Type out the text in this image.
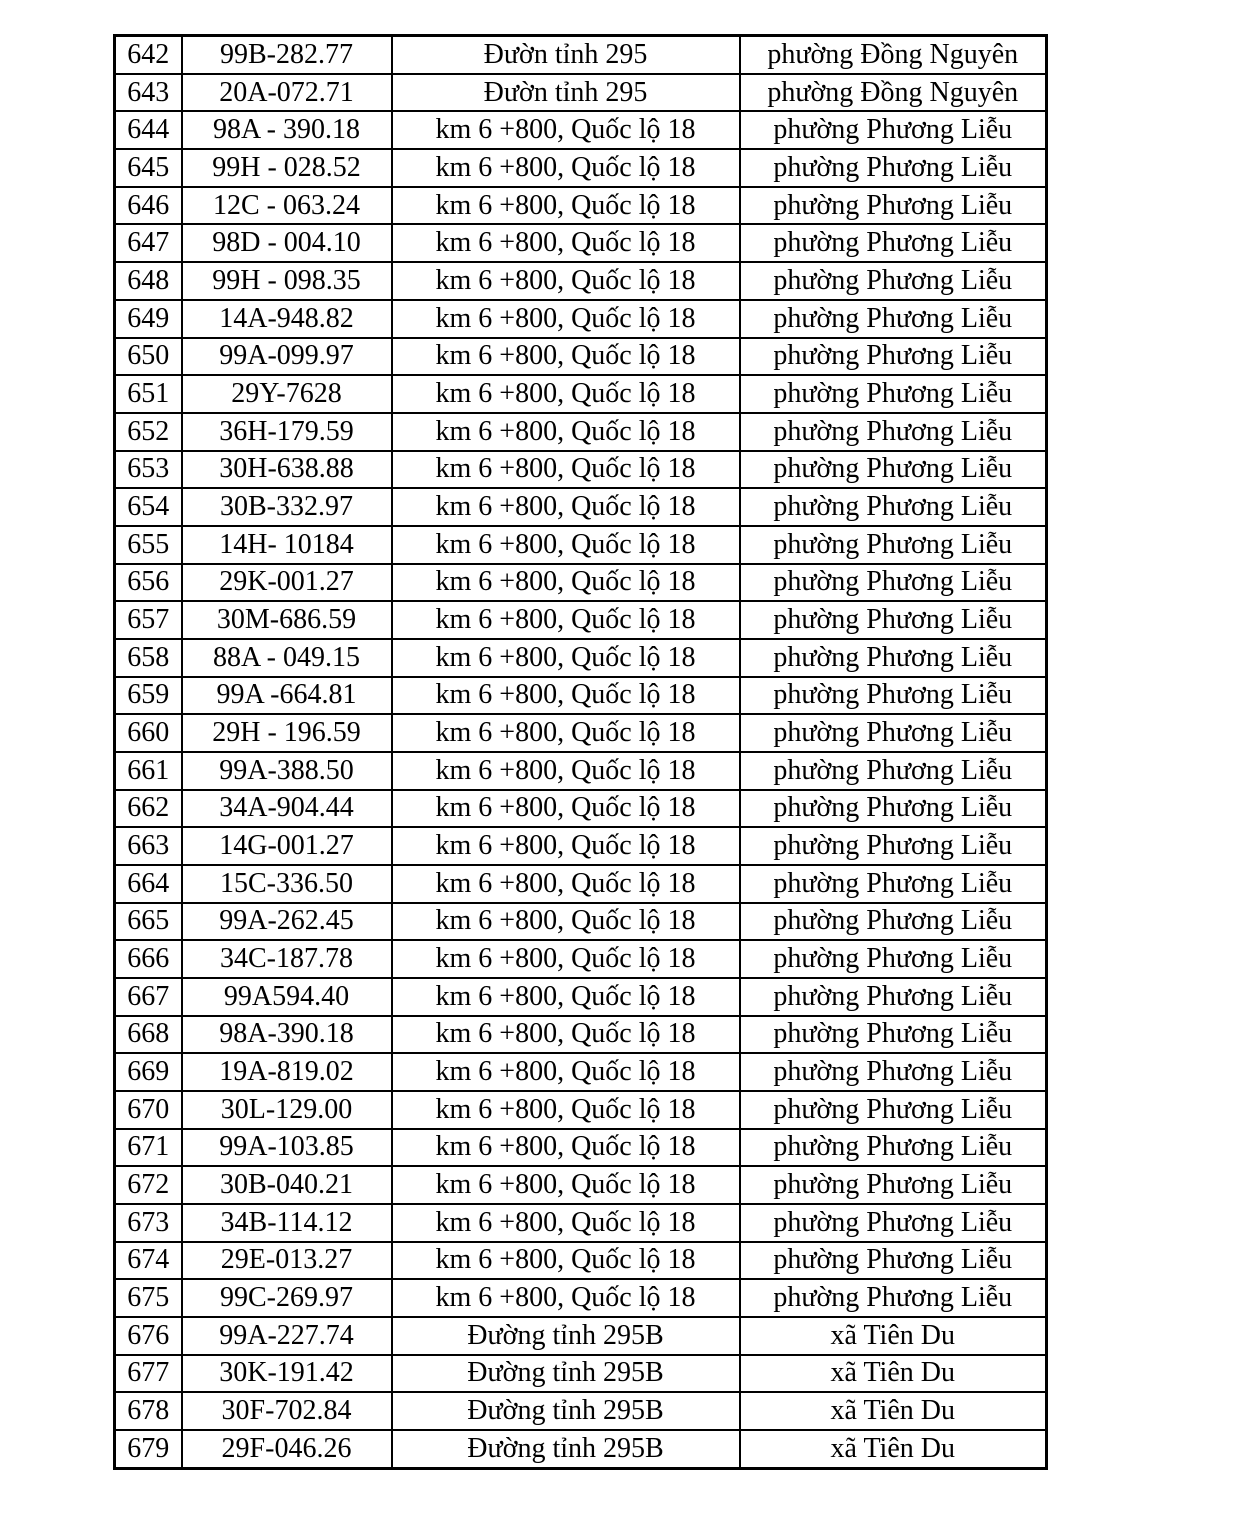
642	99B-282.77	Đườn tỉnh 295	phường Đồng Nguyên
643	20A-072.71	Đườn tỉnh 295	phường Đồng Nguyên
644	98A - 390.18	km 6 +800, Quốc lộ 18	phường Phương Liễu
645	99H - 028.52	km 6 +800, Quốc lộ 18	phường Phương Liễu
646	12C - 063.24	km 6 +800, Quốc lộ 18	phường Phương Liễu
647	98D - 004.10	km 6 +800, Quốc lộ 18	phường Phương Liễu
648	99H - 098.35	km 6 +800, Quốc lộ 18	phường Phương Liễu
649	14A-948.82	km 6 +800, Quốc lộ 18	phường Phương Liễu
650	99A-099.97	km 6 +800, Quốc lộ 18	phường Phương Liễu
651	29Y-7628	km 6 +800, Quốc lộ 18	phường Phương Liễu
652	36H-179.59	km 6 +800, Quốc lộ 18	phường Phương Liễu
653	30H-638.88	km 6 +800, Quốc lộ 18	phường Phương Liễu
654	30B-332.97	km 6 +800, Quốc lộ 18	phường Phương Liễu
655	14H- 10184	km 6 +800, Quốc lộ 18	phường Phương Liễu
656	29K-001.27	km 6 +800, Quốc lộ 18	phường Phương Liễu
657	30M-686.59	km 6 +800, Quốc lộ 18	phường Phương Liễu
658	88A - 049.15	km 6 +800, Quốc lộ 18	phường Phương Liễu
659	99A -664.81	km 6 +800, Quốc lộ 18	phường Phương Liễu
660	29H - 196.59	km 6 +800, Quốc lộ 18	phường Phương Liễu
661	99A-388.50	km 6 +800, Quốc lộ 18	phường Phương Liễu
662	34A-904.44	km 6 +800, Quốc lộ 18	phường Phương Liễu
663	14G-001.27	km 6 +800, Quốc lộ 18	phường Phương Liễu
664	15C-336.50	km 6 +800, Quốc lộ 18	phường Phương Liễu
665	99A-262.45	km 6 +800, Quốc lộ 18	phường Phương Liễu
666	34C-187.78	km 6 +800, Quốc lộ 18	phường Phương Liễu
667	99A594.40	km 6 +800, Quốc lộ 18	phường Phương Liễu
668	98A-390.18	km 6 +800, Quốc lộ 18	phường Phương Liễu
669	19A-819.02	km 6 +800, Quốc lộ 18	phường Phương Liễu
670	30L-129.00	km 6 +800, Quốc lộ 18	phường Phương Liễu
671	99A-103.85	km 6 +800, Quốc lộ 18	phường Phương Liễu
672	30B-040.21	km 6 +800, Quốc lộ 18	phường Phương Liễu
673	34B-114.12	km 6 +800, Quốc lộ 18	phường Phương Liễu
674	29E-013.27	km 6 +800, Quốc lộ 18	phường Phương Liễu
675	99C-269.97	km 6 +800, Quốc lộ 18	phường Phương Liễu
676	99A-227.74	Đường tỉnh 295B	xã Tiên Du
677	30K-191.42	Đường tỉnh 295B	xã Tiên Du
678	30F-702.84	Đường tỉnh 295B	xã Tiên Du
679	29F-046.26	Đường tỉnh 295B	xã Tiên Du
